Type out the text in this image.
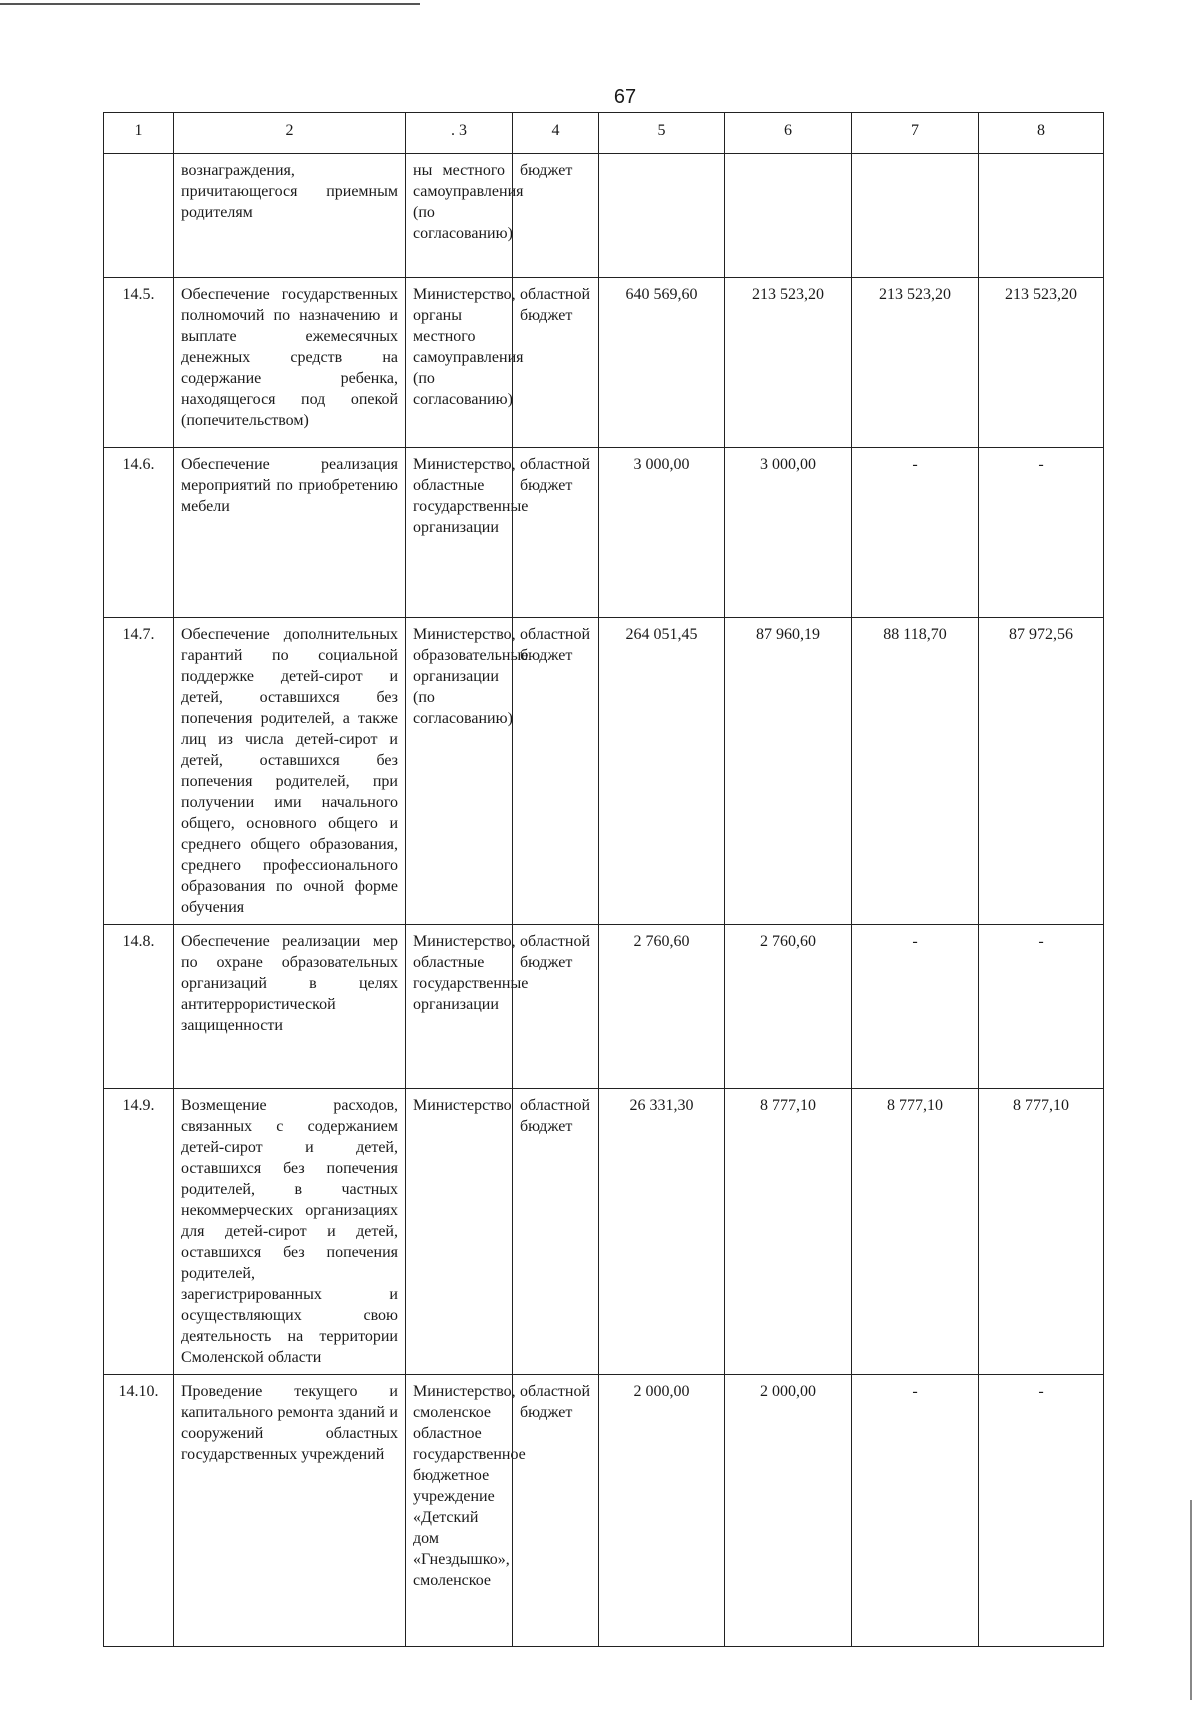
67
1	2	. 3	4	5	6	7	8
	вознаграждения, причитающегося приемным родителям	ны местного самоуправления (по согласованию)	бюджет				
14.5.	Обеспечение государственных полномочий по назначению и выплате ежемесячных денежных средств на содержание ребенка, находящегося под опекой (попечительством)	Министерство, органы местного самоуправления (по согласованию)	областной бюджет	640 569,60	213 523,20	213 523,20	213 523,20
14.6.	Обеспечение реализация мероприятий по приобретению мебели	Министерство, областные государственные организации	областной бюджет	3 000,00	3 000,00	-	-
14.7.	Обеспечение дополнительных гарантий по социальной поддержке детей-сирот и детей, оставшихся без попечения родителей, а также лиц из числа детей-сирот и детей, оставшихся без попечения родителей, при получении ими начального общего, основного общего и среднего общего образования, среднего профессионального образования по очной форме обучения	Министерство, образовательные организации (по согласованию)	областной бюджет	264 051,45	87 960,19	88 118,70	87 972,56
14.8.	Обеспечение реализации мер по охране образовательных организаций в целях антитеррористической защищенности	Министерство, областные государственные организации	областной бюджет	2 760,60	2 760,60	-	-
14.9.	Возмещение расходов, связанных с содержанием детей-сирот и детей, оставшихся без попечения родителей, в частных некоммерческих организациях для детей-сирот и детей, оставшихся без попечения родителей, зарегистрированных и осуществляющих свою деятельность на территории Смоленской области	Министерство	областной бюджет	26 331,30	8 777,10	8 777,10	8 777,10
14.10.	Проведение текущего и капитального ремонта зданий и сооружений областных государственных учреждений	Министерство, смоленское областное государственное бюджетное учреждение «Детский дом «Гнездышко», смоленское	областной бюджет	2 000,00	2 000,00	-	-
